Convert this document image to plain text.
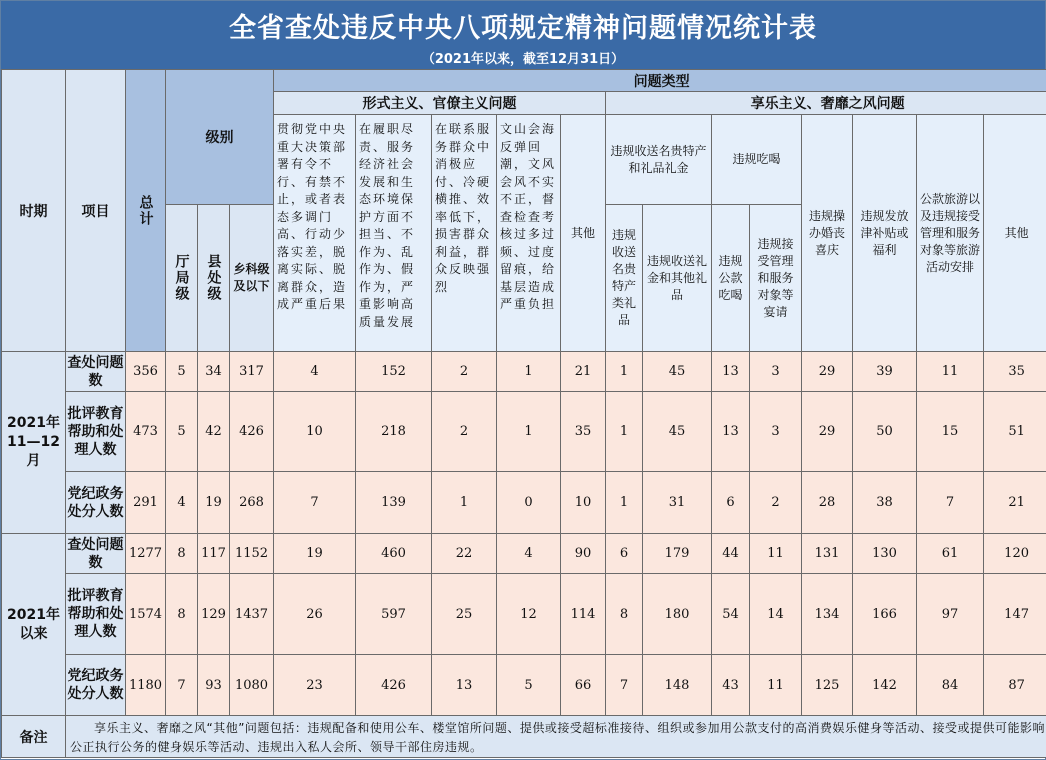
全省查处违反中央八项规定精神问题情况统计表
（2021年以来，截至12月31日）
时期	项目	总计	级别			问题类型												
						形式主义、官僚主义问题					享乐主义、奢靡之风问题							
						贯彻党中央重大决策部署有令不行、有禁不止，或者表态多调门高、行动少落实差，脱离实际、脱离群众，造成严重后果	在履职尽责、服务经济社会发展和生态环境保护方面不担当、不作为、乱作为、假作为，严重影响高质量发展	在联系服务群众中消极应付、冷硬横推、效率低下，损害群众利益，群众反映强烈	文山会海反弹回潮，文风会风不实不正，督查检查考核过多过频、过度留痕，给基层造成严重负担	其他	违规收送名贵特产和礼品礼金		违规吃喝		违规操办婚丧喜庆	违规发放津补贴或福利	公款旅游以及违规接受管理和服务对象等旅游活动安排	其他

			厅局级	县处级	乡科级及以下						违规收送名贵特产类礼品	违规收送礼金和其他礼品	违规公款吃喝	违规接受管理和服务对象等宴请				

2021年11—12月	查处问题数	356	5	34	317	4	152	2	1	21	1	45	13	3	29	39	11	35
	批评教育帮助和处理人数	473	5	42	426	10	218	2	1	35	1	45	13	3	29	50	15	51
	党纪政务处分人数	291	4	19	268	7	139	1	0	10	1	31	6	2	28	38	7	21
2021年以来	查处问题数	1277	8	117	1152	19	460	22	4	90	6	179	44	11	131	130	61	120
	批评教育帮助和处理人数	1574	8	129	1437	26	597	25	12	114	8	180	54	14	134	166	97	147
	党纪政务处分人数	1180	7	93	1080	23	426	13	5	66	7	148	43	11	125	142	84	87
备注	享乐主义、奢靡之风“其他”问题包括：违规配备和使用公车、楼堂馆所问题、提供或接受超标准接待、组织或参加用公款支付的高消费娱乐健身等活动、接受或提供可能影响公正执行公务的健身娱乐等活动、违规出入私人会所、领导干部住房违规。																	
